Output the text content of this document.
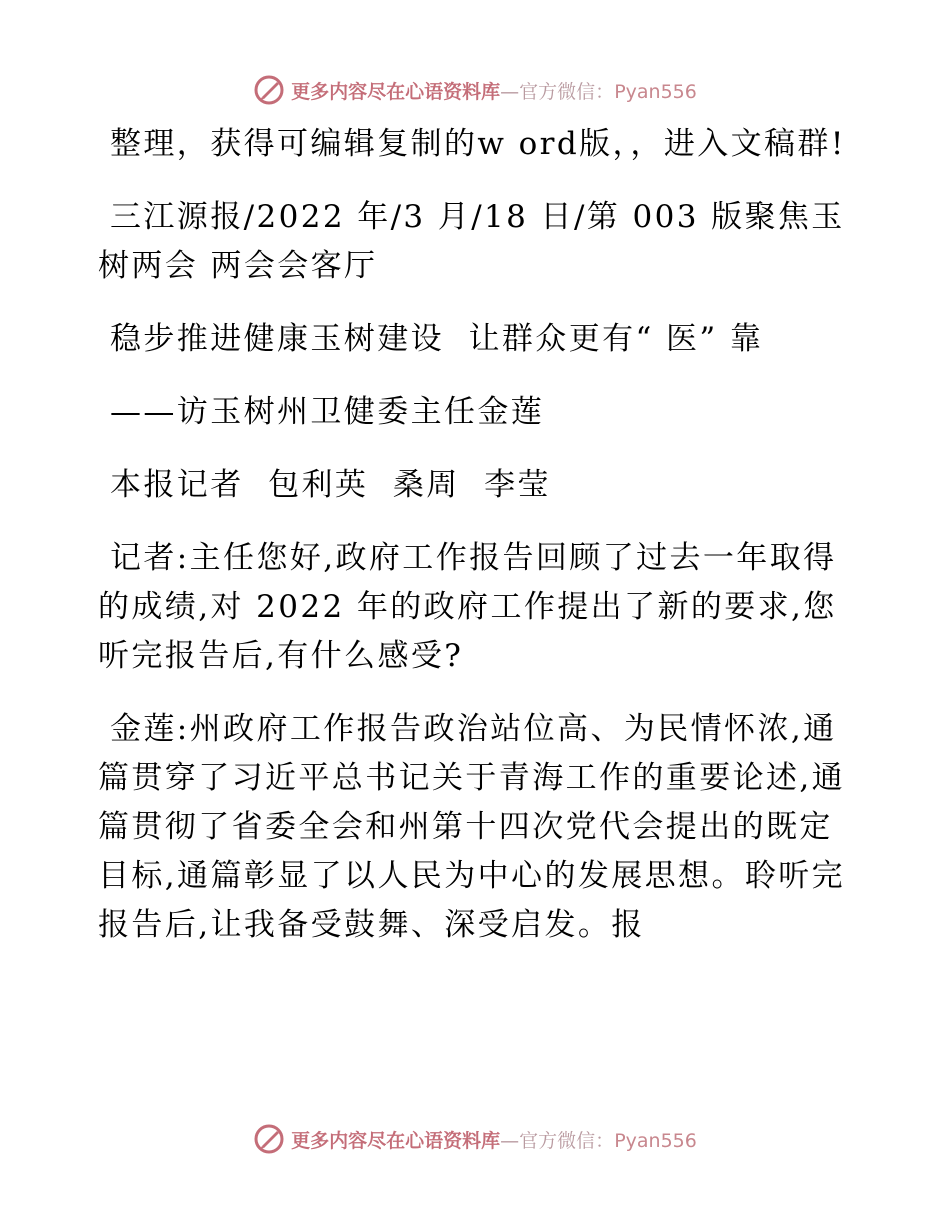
更多内容尽在心语资料库—官方微信：Pyan556

整理，获得可编辑复制的w ord版，，进入文稿群!

三江源报/2022 年/3 月/18 日/第 003 版聚焦玉树两会 两会会客厅

稳步推进健康玉树建设  让群众更有“ 医” 靠

——访玉树州卫健委主任金莲

本报记者  包利英  桑周  李莹

记者:主任您好,政府工作报告回顾了过去一年取得的成绩,对 2022 年的政府工作提出了新的要求,您听完报告后,有什么感受?

金莲:州政府工作报告政治站位高、为民情怀浓,通篇贯穿了习近平总书记关于青海工作的重要论述,通篇贯彻了省委全会和州第十四次党代会提出的既定目标,通篇彰显了以人民为中心的发展思想。聆听完报告后,让我备受鼓舞、深受启发。报

更多内容尽在心语资料库—官方微信：Pyan556
